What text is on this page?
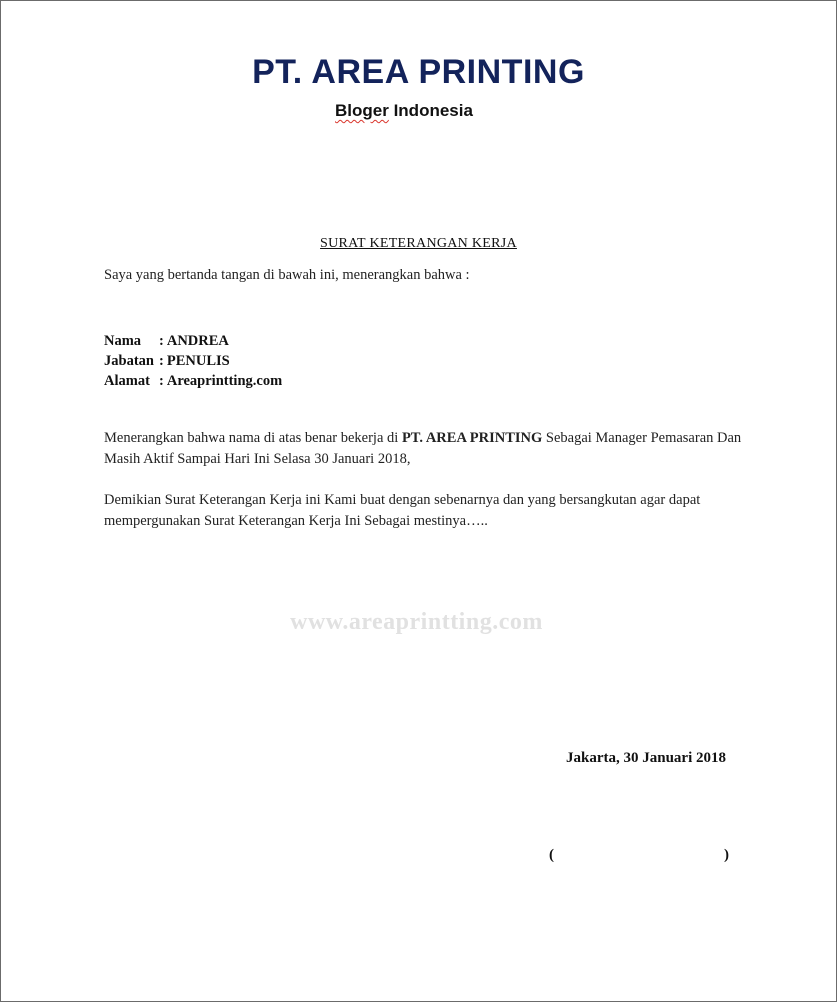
PT. AREA PRINTING
Bloger Indonesia
SURAT KETERANGAN KERJA
Saya yang bertanda tangan di bawah ini, menerangkan bahwa :
Nama	: ANDREA
Jabatan : PENULIS
Alamat : Areaprintting.com
Menerangkan bahwa nama di atas benar bekerja di PT. AREA PRINTING Sebagai Manager Pemasaran Dan Masih Aktif Sampai Hari Ini Selasa 30 Januari 2018,
Demikian Surat Keterangan Kerja ini Kami buat dengan sebenarnya dan yang bersangkutan agar dapat mempergunakan Surat Keterangan Kerja Ini Sebagai mestinya…..
www.areaprintting.com
Jakarta, 30 Januari 2018
(	)
